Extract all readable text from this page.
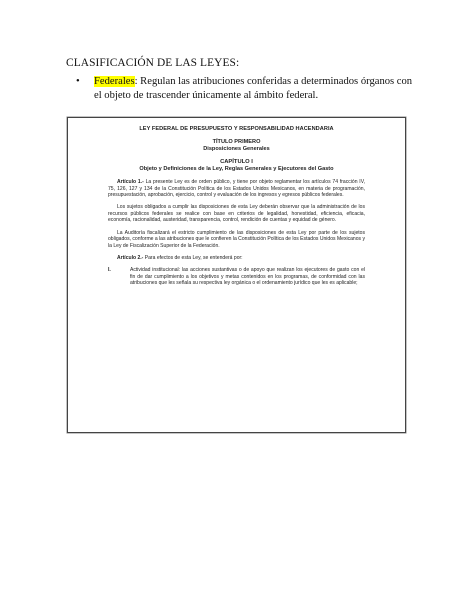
CLASIFICACIÓN DE LAS LEYES:
• Federales: Regulan las atribuciones conferidas a determinados órganos con el objeto de trascender únicamente al ámbito federal.
LEY FEDERAL DE PRESUPUESTO Y RESPONSABILIDAD HACENDARIA
TÍTULO PRIMERO
Disposiciones Generales
CAPÍTULO I
Objeto y Definiciones de la Ley, Reglas Generales y Ejecutores del Gasto

Artículo 1.- La presente Ley es de orden público, y tiene por objeto reglamentar los artículos 74 fracción IV, 75, 126, 127 y 134 de la Constitución Política de los Estados Unidos Mexicanos, en materia de programación, presupuestación, aprobación, ejercicio, control y evaluación de los ingresos y egresos públicos federales.

Los sujetos obligados a cumplir las disposiciones de esta Ley deberán observar que la administración de los recursos públicos federales se realice con base en criterios de legalidad, honestidad, eficiencia, eficacia, economía, racionalidad, austeridad, transparencia, control, rendición de cuentas y equidad de género.

La Auditoría fiscalizará el estricto cumplimiento de las disposiciones de esta Ley por parte de los sujetos obligados, conforme a las atribuciones que le confieren la Constitución Política de los Estados Unidos Mexicanos y la Ley de Fiscalización Superior de la Federación.

Artículo 2.- Para efectos de esta Ley, se entenderá por:

I.	Actividad institucional: las acciones sustantivas o de apoyo que realizan los ejecutores de gasto con el fin de dar cumplimiento a los objetivos y metas contenidos en los programas, de conformidad con las atribuciones que les señala su respectiva ley orgánica o el ordenamiento jurídico que les es aplicable;
